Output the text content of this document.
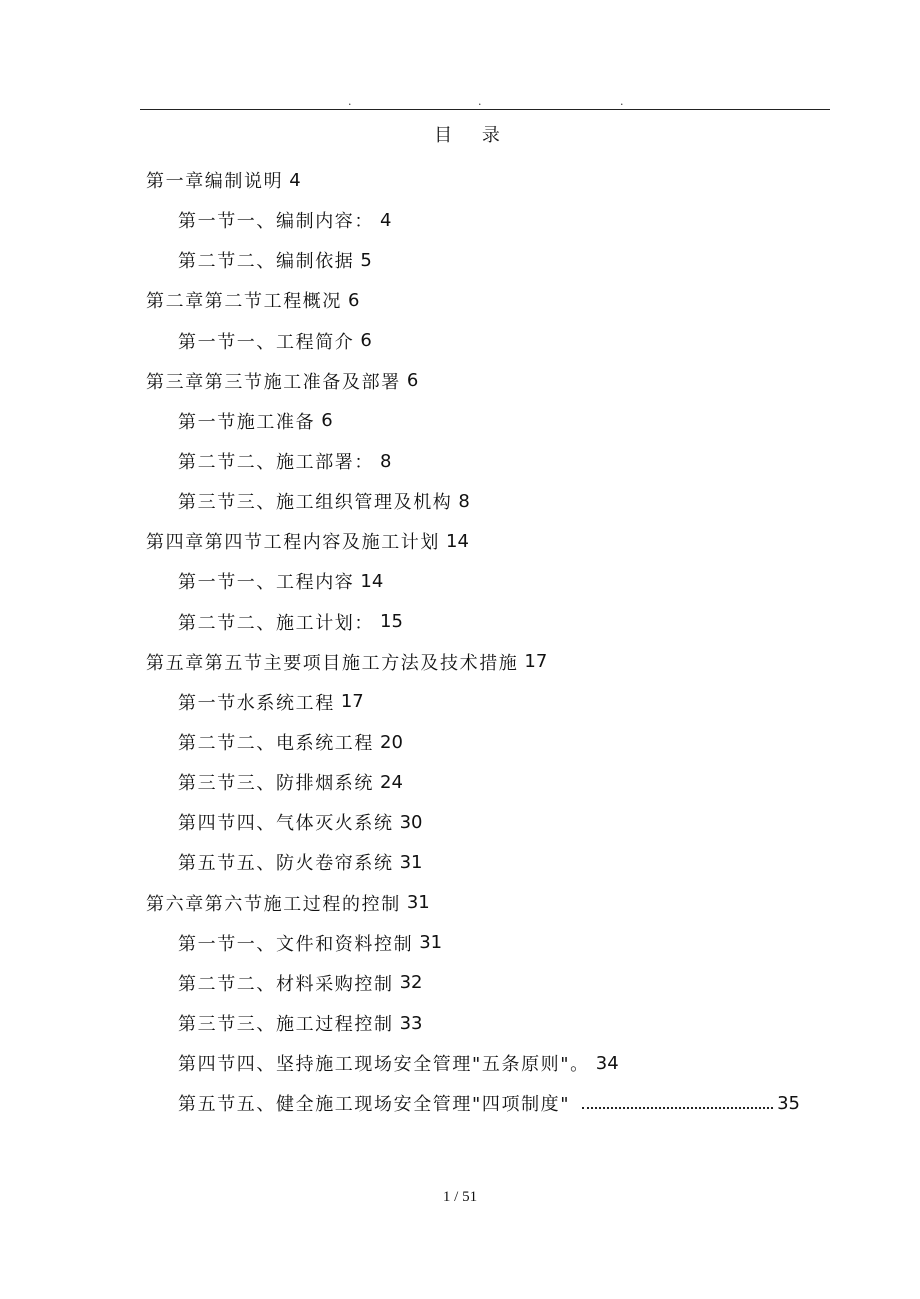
.	.	.
目 录
第一章编制说明 4
第一节一、编制内容： 4
第二节二、编制依据 5
第二章第二节工程概况 6
第一节一、工程简介 6
第三章第三节施工准备及部署 6
第一节施工准备 6
第二节二、施工部署： 8
第三节三、施工组织管理及机构 8
第四章第四节工程内容及施工计划 14
第一节一、工程内容 14
第二节二、施工计划： 15
第五章第五节主要项目施工方法及技术措施 17
第一节水系统工程 17
第二节二、电系统工程 20
第三节三、防排烟系统 24
第四节四、气体灭火系统 30
第五节五、防火卷帘系统 31
第六章第六节施工过程的控制 31
第一节一、文件和资料控制 31
第二节二、材料采购控制 32
第三节三、施工过程控制 33
第四节四、坚持施工现场安全管理"五条原则"。 34
第五节五、健全施工现场安全管理"四项制度"	35
1 / 51
